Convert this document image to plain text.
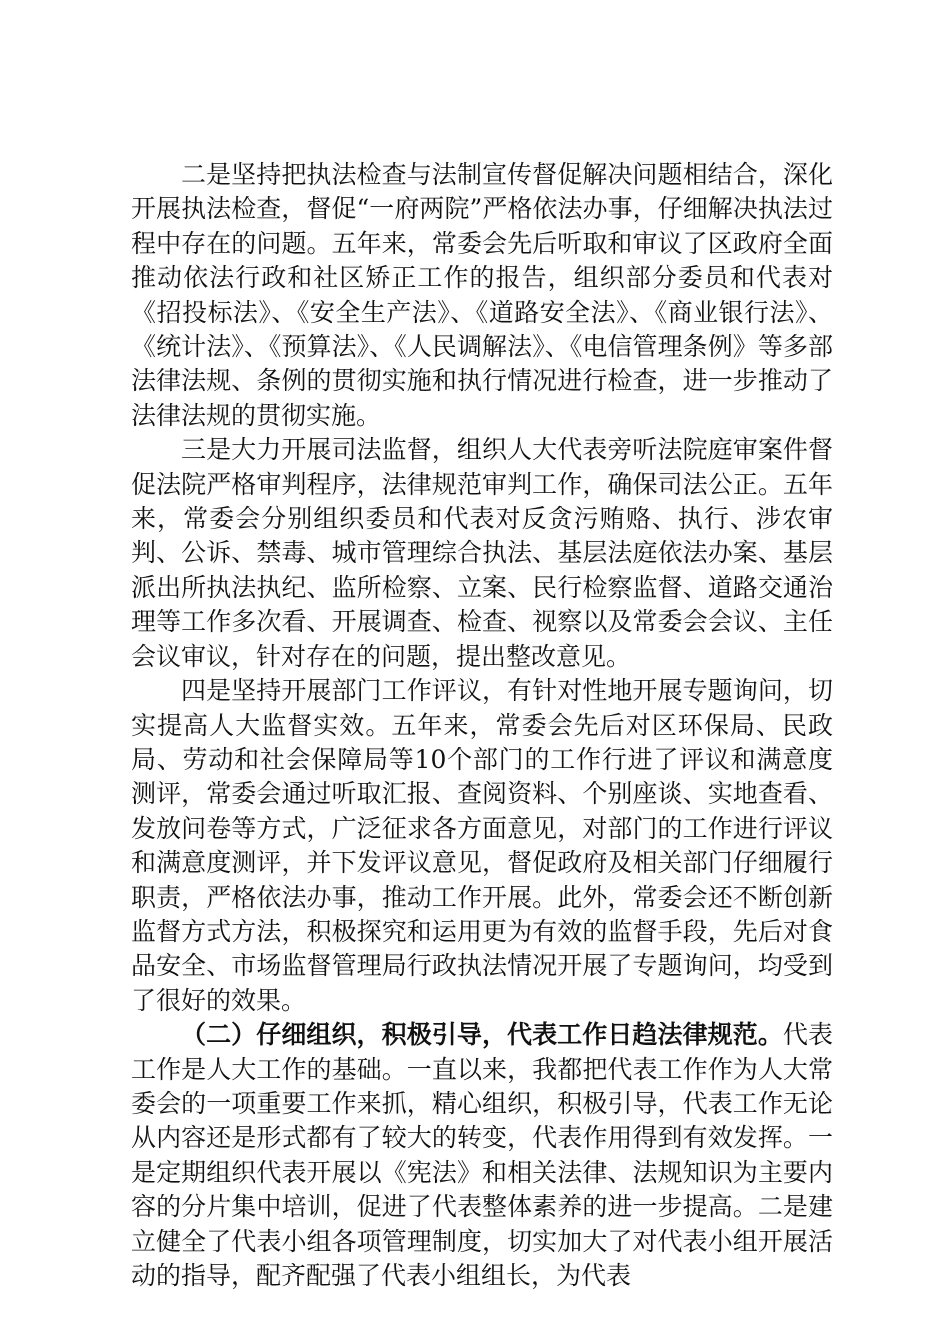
二是坚持把执法检查与法制宣传督促解决问题相结合，深化开展执法检查，督促“一府两院”严格依法办事，仔细解决执法过程中存在的问题。五年来，常委会先后听取和审议了区政府全面推动依法行政和社区矫正工作的报告，组织部分委员和代表对《招投标法》、《安全生产法》、《道路安全法》、《商业银行法》、《统计法》、《预算法》、《人民调解法》、《电信管理条例》等多部法律法规、条例的贯彻实施和执行情况进行检查，进一步推动了法律法规的贯彻实施。

三是大力开展司法监督，组织人大代表旁听法院庭审案件督促法院严格审判程序，法律规范审判工作，确保司法公正。五年来，常委会分别组织委员和代表对反贪污贿赂、执行、涉农审判、公诉、禁毒、城市管理综合执法、基层法庭依法办案、基层派出所执法执纪、监所检察、立案、民行检察监督、道路交通治理等工作多次看、开展调查、检查、视察以及常委会会议、主任会议审议，针对存在的问题，提出整改意见。

四是坚持开展部门工作评议，有针对性地开展专题询问，切实提高人大监督实效。五年来，常委会先后对区环保局、民政局、劳动和社会保障局等10个部门的工作行进了评议和满意度测评，常委会通过听取汇报、查阅资料、个别座谈、实地查看、发放问卷等方式，广泛征求各方面意见，对部门的工作进行评议和满意度测评，并下发评议意见，督促政府及相关部门仔细履行职责，严格依法办事，推动工作开展。此外，常委会还不断创新监督方式方法，积极探究和运用更为有效的监督手段，先后对食品安全、市场监督管理局行政执法情况开展了专题询问，均受到了很好的效果。

（二）仔细组织，积极引导，代表工作日趋法律规范。代表工作是人大工作的基础。一直以来，我都把代表工作作为人大常委会的一项重要工作来抓，精心组织，积极引导，代表工作无论从内容还是形式都有了较大的转变，代表作用得到有效发挥。一是定期组织代表开展以《宪法》和相关法律、法规知识为主要内容的分片集中培训，促进了代表整体素养的进一步提高。二是建立健全了代表小组各项管理制度，切实加大了对代表小组开展活动的指导，配齐配强了代表小组组长，为代表
